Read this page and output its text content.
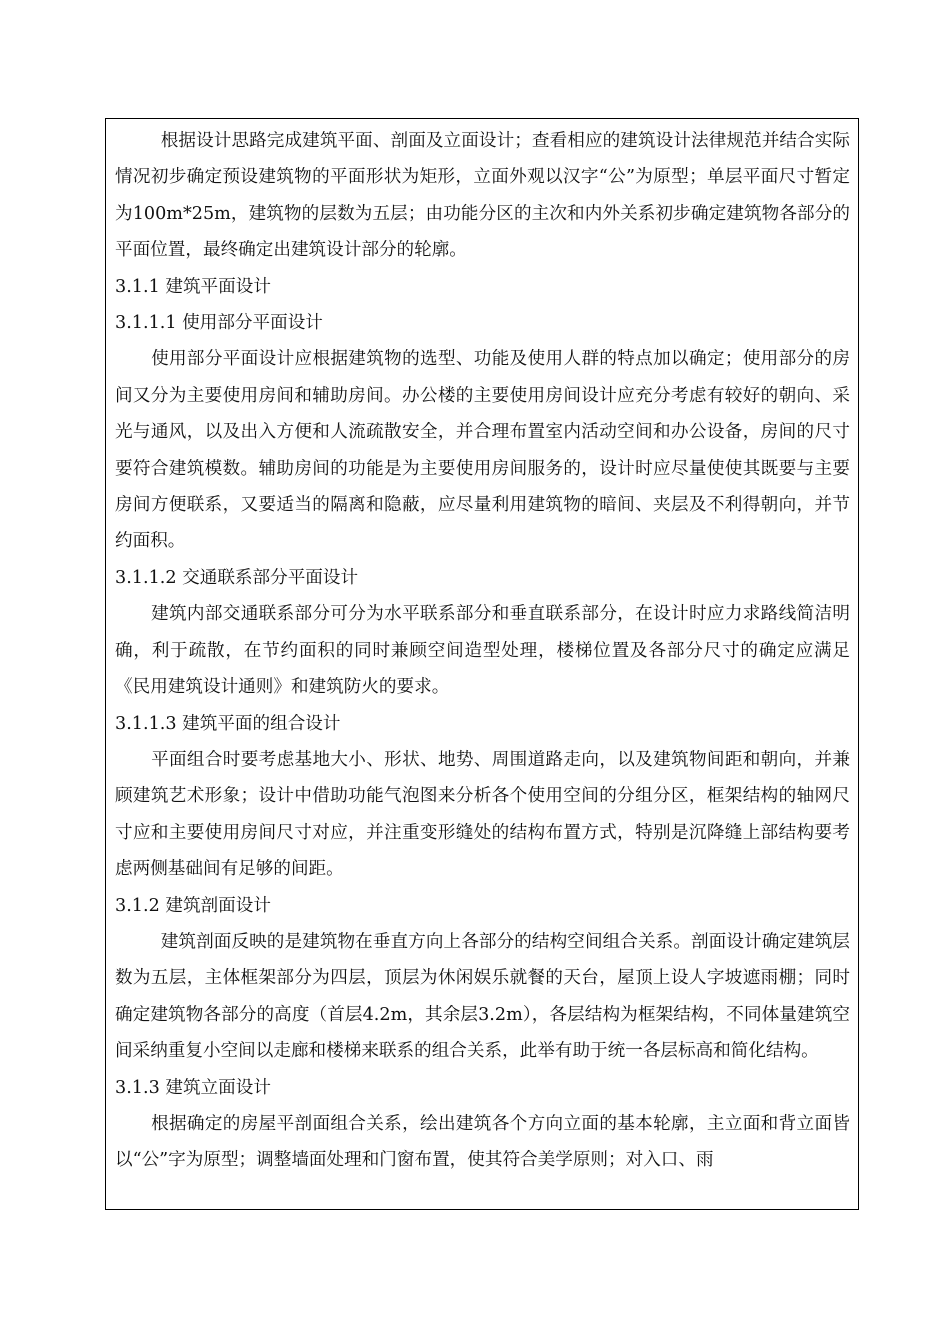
根据设计思路完成建筑平面、剖面及立面设计；查看相应的建筑设计法律规范并结合实际情况初步确定预设建筑物的平面形状为矩形，立面外观以汉字“公”为原型；单层平面尺寸暂定为100m*25m，建筑物的层数为五层；由功能分区的主次和内外关系初步确定建筑物各部分的平面位置，最终确定出建筑设计部分的轮廓。

3.1.1 建筑平面设计

3.1.1.1 使用部分平面设计

使用部分平面设计应根据建筑物的选型、功能及使用人群的特点加以确定；使用部分的房间又分为主要使用房间和辅助房间。办公楼的主要使用房间设计应充分考虑有较好的朝向、采光与通风，以及出入方便和人流疏散安全，并合理布置室内活动空间和办公设备，房间的尺寸要符合建筑模数。辅助房间的功能是为主要使用房间服务的，设计时应尽量使使其既要与主要房间方便联系，又要适当的隔离和隐蔽，应尽量利用建筑物的暗间、夹层及不利得朝向，并节约面积。

3.1.1.2 交通联系部分平面设计

建筑内部交通联系部分可分为水平联系部分和垂直联系部分，在设计时应力求路线简洁明确，利于疏散，在节约面积的同时兼顾空间造型处理，楼梯位置及各部分尺寸的确定应满足《民用建筑设计通则》和建筑防火的要求。

3.1.1.3 建筑平面的组合设计

平面组合时要考虑基地大小、形状、地势、周围道路走向，以及建筑物间距和朝向，并兼顾建筑艺术形象；设计中借助功能气泡图来分析各个使用空间的分组分区，框架结构的轴网尺寸应和主要使用房间尺寸对应，并注重变形缝处的结构布置方式，特别是沉降缝上部结构要考虑两侧基础间有足够的间距。

3.1.2 建筑剖面设计

建筑剖面反映的是建筑物在垂直方向上各部分的结构空间组合关系。剖面设计确定建筑层数为五层，主体框架部分为四层，顶层为休闲娱乐就餐的天台，屋顶上设人字坡遮雨棚；同时确定建筑物各部分的高度（首层4.2m，其余层3.2m），各层结构为框架结构，不同体量建筑空间采纳重复小空间以走廊和楼梯来联系的组合关系，此举有助于统一各层标高和简化结构。

3.1.3 建筑立面设计

根据确定的房屋平剖面组合关系，绘出建筑各个方向立面的基本轮廓，主立面和背立面皆以“公”字为原型；调整墙面处理和门窗布置，使其符合美学原则；对入口、雨
